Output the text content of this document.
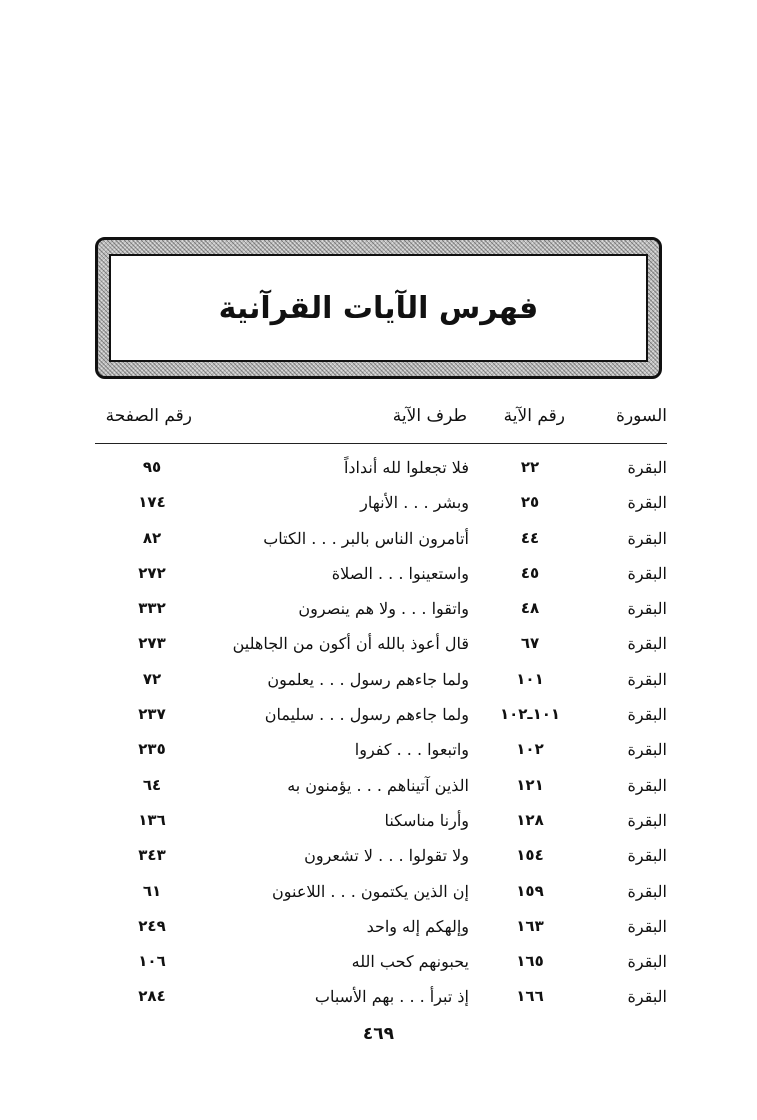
فهرس الآيات القرآنية
السورة
رقم الآية
طرف الآية
رقم الصفحة
البقرة
٢٢
فلا تجعلوا لله أنداداً
٩٥
البقرة
٢٥
وبشر . . . الأنهار
١٧٤
البقرة
٤٤
أتامرون الناس بالبر . . . الكتاب
٨٢
البقرة
٤٥
واستعينوا . . . الصلاة
٢٧٢
البقرة
٤٨
واتقوا . . . ولا هم ينصرون
٣٣٢
البقرة
٦٧
قال أعوذ بالله أن أكون من الجاهلين
٢٧٣
البقرة
١٠١
ولما جاءهم رسول . . . يعلمون
٧٢
البقرة
١٠١ـ١٠٢
ولما جاءهم رسول . . . سليمان
٢٣٧
البقرة
١٠٢
واتبعوا . . . كفروا
٢٣٥
البقرة
١٢١
الذين آتيناهم . . . يؤمنون به
٦٤
البقرة
١٢٨
وأرنا مناسكنا
١٣٦
البقرة
١٥٤
ولا تقولوا . . . لا تشعرون
٣٤٣
البقرة
١٥٩
إن الذين يكتمون . . . اللاعنون
٦١
البقرة
١٦٣
وإلهكم إله واحد
٢٤٩
البقرة
١٦٥
يحبونهم كحب الله
١٠٦
البقرة
١٦٦
إذ تبرأ . . . بهم الأسباب
٢٨٤
٤٦٩
